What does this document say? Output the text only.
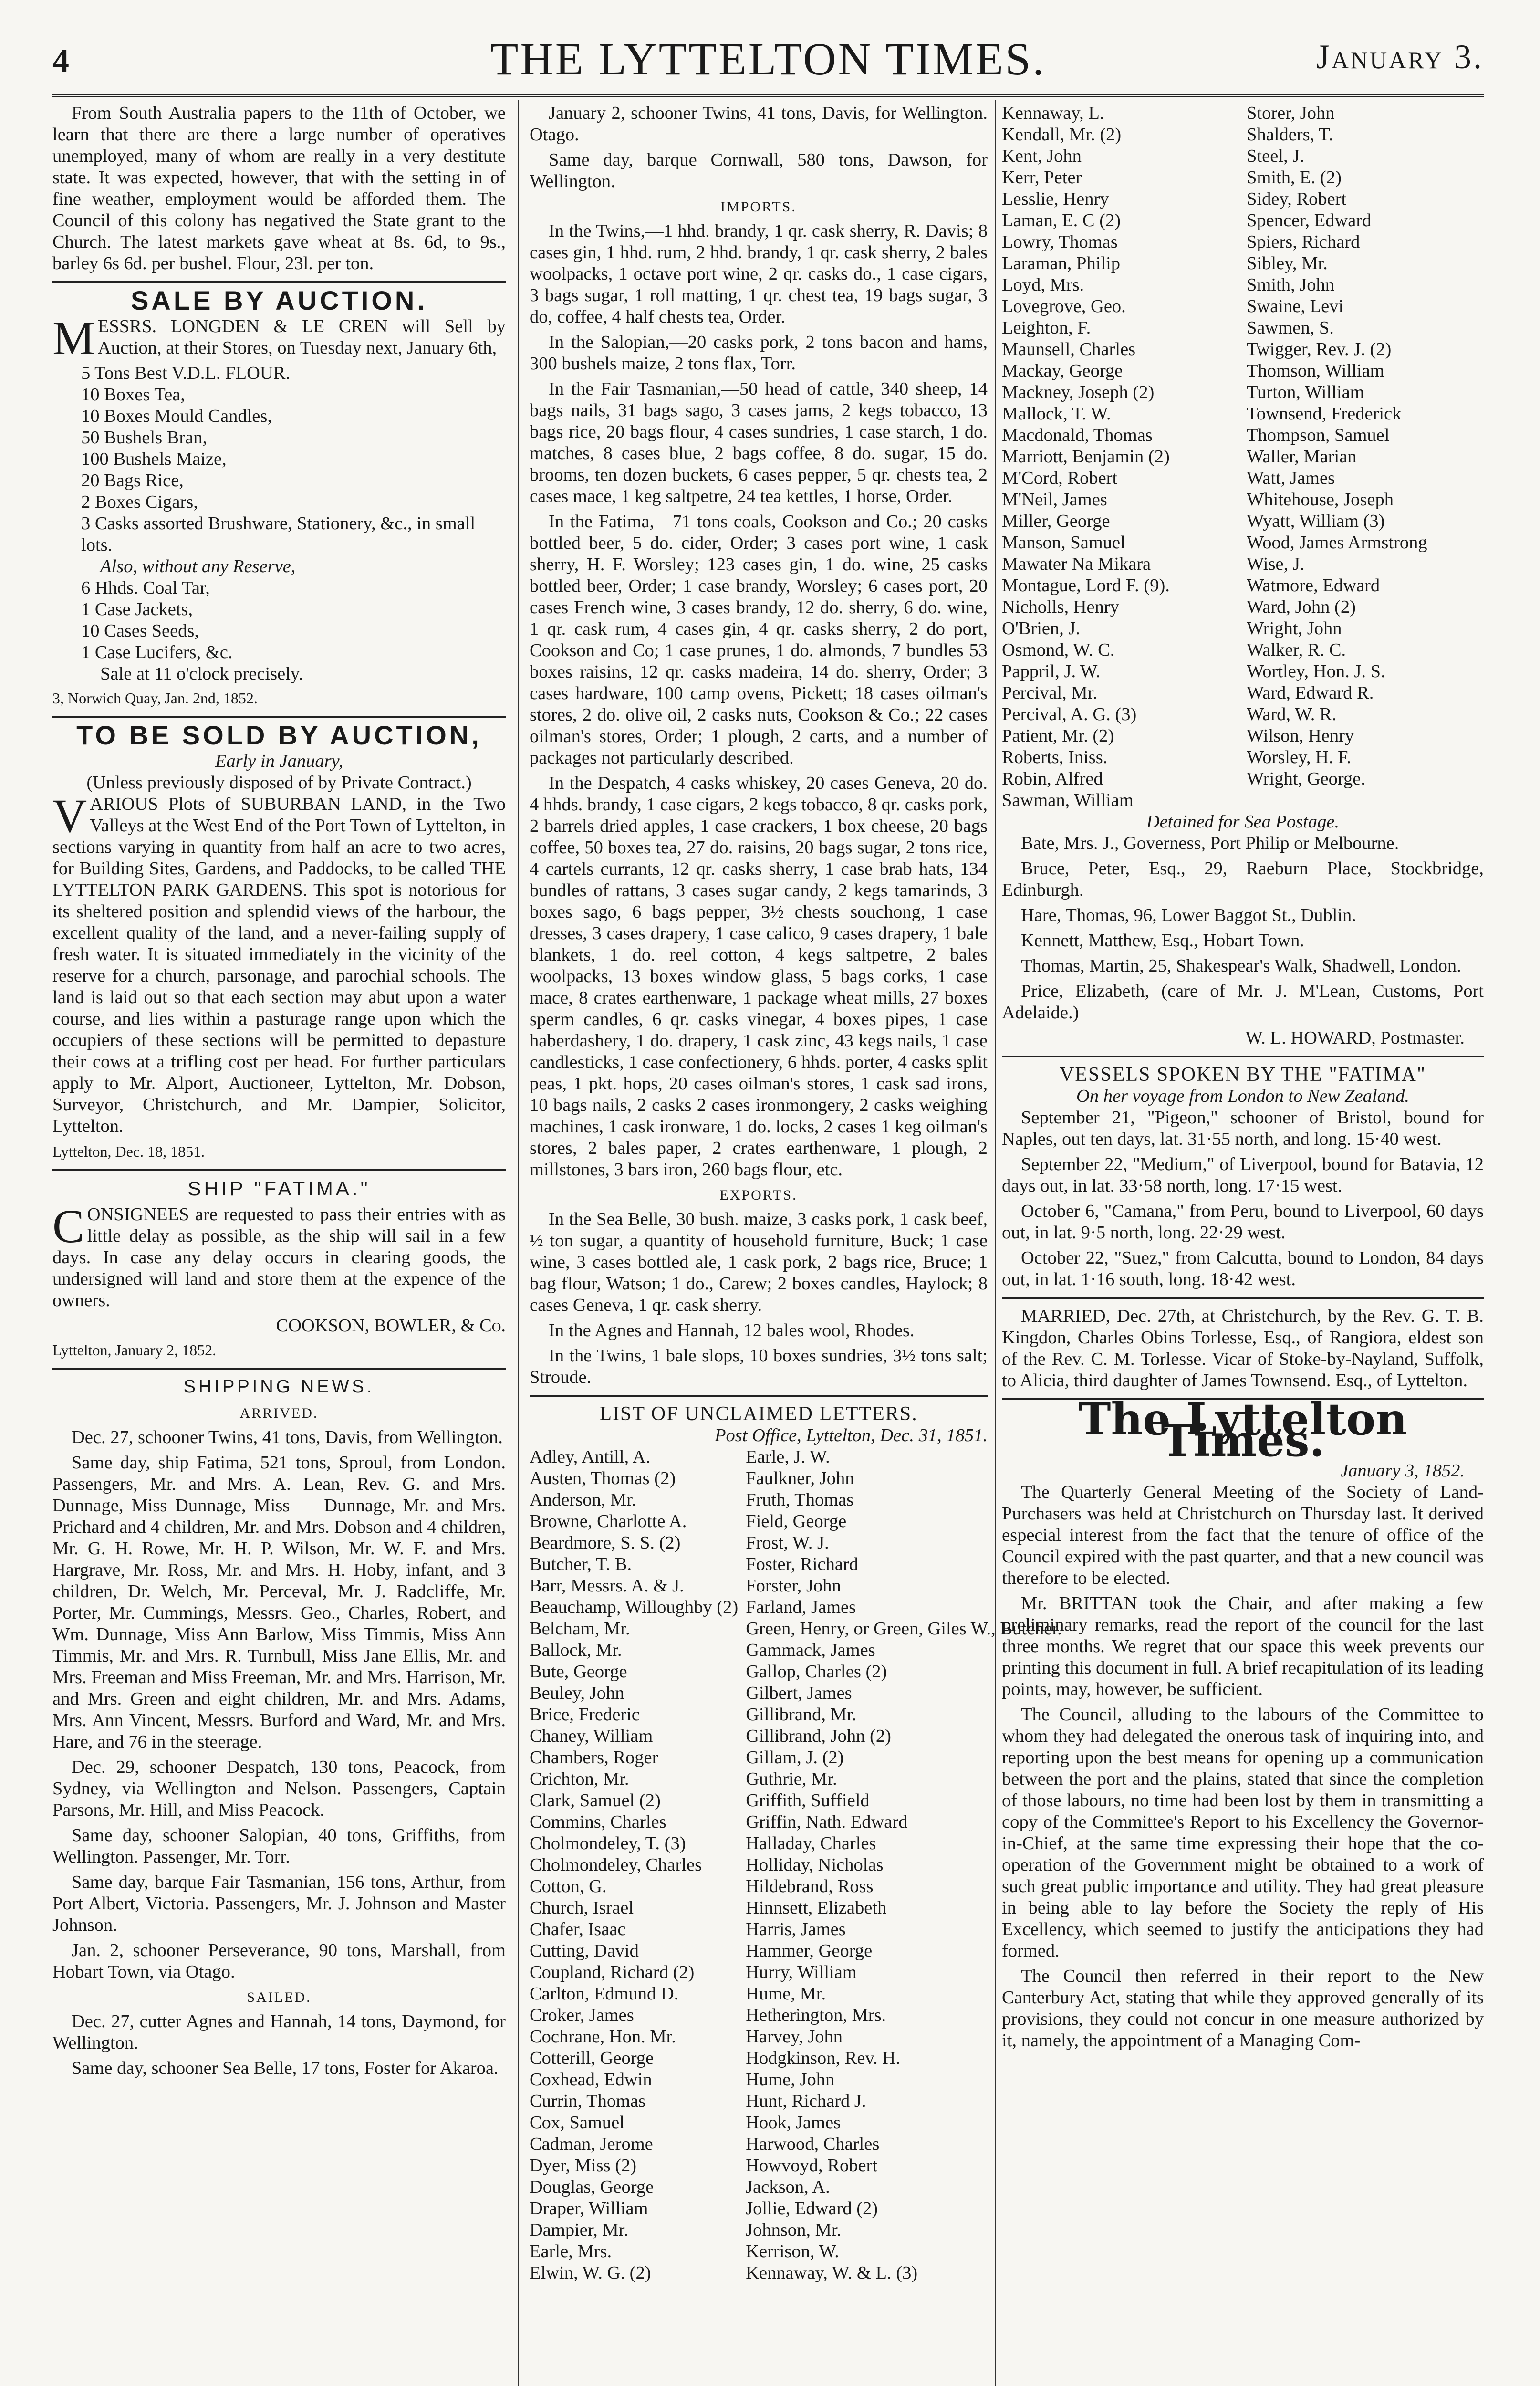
4	THE LYTTELTON TIMES.	January 3.

From South Australia papers to the 11th of October, we learn that there are there a large number of operatives unemployed, many of whom are really in a very destitute state. It was expected, however, that with the setting in of fine weather, employment would be afforded them. The Council of this colony has negatived the State grant to the Church. The latest markets gave wheat at 8s. 6d, to 9s., barley 6s 6d. per bushel. Flour, 23l. per ton.

SALE BY AUCTION.

MESSRS. LONGDEN & LE CREN will Sell by Auction, at their Stores, on Tuesday next, January 6th,

5 Tons Best V.D.L. FLOUR.
10 Boxes Tea,
10 Boxes Mould Candles,
50 Bushels Bran,
100 Bushels Maize,
20 Bags Rice,
2 Boxes Cigars,
3 Casks assorted Brushware, Stationery, &c., in small lots.
Also, without any Reserve,
6 Hhds. Coal Tar,
1 Case Jackets,
10 Cases Seeds,
1 Case Lucifers, &c.
Sale at 11 o'clock precisely.
3, Norwich Quay, Jan. 2nd, 1852.
TO BE SOLD BY AUCTION,
Early in January,
(Unless previously disposed of by Private Contract.)

VARIOUS Plots of SUBURBAN LAND, in the Two Valleys at the West End of the Port Town of Lyttelton, in sections varying in quantity from half an acre to two acres, for Building Sites, Gardens, and Paddocks, to be called THE LYTTELTON PARK GARDENS. This spot is notorious for its sheltered position and splendid views of the harbour, the excellent quality of the land, and a never-failing supply of fresh water. It is situated immediately in the vicinity of the reserve for a church, parsonage, and parochial schools. The land is laid out so that each section may abut upon a water course, and lies within a pasturage range upon which the occupiers of these sections will be permitted to depasture their cows at a trifling cost per head. For further particulars apply to Mr. Alport, Auctioneer, Lyttelton, Mr. Dobson, Surveyor, Christchurch, and Mr. Dampier, Solicitor, Lyttelton.

Lyttelton, Dec. 18, 1851.
SHIP "FATIMA."

CONSIGNEES are requested to pass their entries with as little delay as possible, as the ship will sail in a few days. In case any delay occurs in clearing goods, the undersigned will land and store them at the expence of the owners.

COOKSON, BOWLER, & Co.
Lyttelton, January 2, 1852.
SHIPPING NEWS.
ARRIVED.

Dec. 27, schooner Twins, 41 tons, Davis, from Wellington.

Same day, ship Fatima, 521 tons, Sproul, from London. Passengers, Mr. and Mrs. A. Lean, Rev. G. and Mrs. Dunnage, Miss Dunnage, Miss — Dunnage, Mr. and Mrs. Prichard and 4 children, Mr. and Mrs. Dobson and 4 children, Mr. G. H. Rowe, Mr. H. P. Wilson, Mr. W. F. and Mrs. Hargrave, Mr. Ross, Mr. and Mrs. H. Hoby, infant, and 3 children, Dr. Welch, Mr. Perceval, Mr. J. Radcliffe, Mr. Porter, Mr. Cummings, Messrs. Geo., Charles, Robert, and Wm. Dunnage, Miss Ann Barlow, Miss Timmis, Miss Ann Timmis, Mr. and Mrs. R. Turnbull, Miss Jane Ellis, Mr. and Mrs. Freeman and Miss Freeman, Mr. and Mrs. Harrison, Mr. and Mrs. Green and eight children, Mr. and Mrs. Adams, Mrs. Ann Vincent, Messrs. Burford and Ward, Mr. and Mrs. Hare, and 76 in the steerage.

Dec. 29, schooner Despatch, 130 tons, Peacock, from Sydney, via Wellington and Nelson. Passengers, Captain Parsons, Mr. Hill, and Miss Peacock.

Same day, schooner Salopian, 40 tons, Griffiths, from Wellington. Passenger, Mr. Torr.

Same day, barque Fair Tasmanian, 156 tons, Arthur, from Port Albert, Victoria. Passengers, Mr. J. Johnson and Master Johnson.

Jan. 2, schooner Perseverance, 90 tons, Marshall, from Hobart Town, via Otago.

SAILED.

Dec. 27, cutter Agnes and Hannah, 14 tons, Daymond, for Wellington.

Same day, schooner Sea Belle, 17 tons, Foster for Akaroa.

January 2, schooner Twins, 41 tons, Davis, for Wellington. Otago.

Same day, barque Cornwall, 580 tons, Dawson, for Wellington.

IMPORTS.

In the Twins,—1 hhd. brandy, 1 qr. cask sherry, R. Davis; 8 cases gin, 1 hhd. rum, 2 hhd. brandy, 1 qr. cask sherry, 2 bales woolpacks, 1 octave port wine, 2 qr. casks do., 1 case cigars, 3 bags sugar, 1 roll matting, 1 qr. chest tea, 19 bags sugar, 3 do, coffee, 4 half chests tea, Order.

In the Salopian,—20 casks pork, 2 tons bacon and hams, 300 bushels maize, 2 tons flax, Torr.

In the Fair Tasmanian,—50 head of cattle, 340 sheep, 14 bags nails, 31 bags sago, 3 cases jams, 2 kegs tobacco, 13 bags rice, 20 bags flour, 4 cases sundries, 1 case starch, 1 do. matches, 8 cases blue, 2 bags coffee, 8 do. sugar, 15 do. brooms, ten dozen buckets, 6 cases pepper, 5 qr. chests tea, 2 cases mace, 1 keg saltpetre, 24 tea kettles, 1 horse, Order.

In the Fatima,—71 tons coals, Cookson and Co.; 20 casks bottled beer, 5 do. cider, Order; 3 cases port wine, 1 cask sherry, H. F. Worsley; 123 cases gin, 1 do. wine, 25 casks bottled beer, Order; 1 case brandy, Worsley; 6 cases port, 20 cases French wine, 3 cases brandy, 12 do. sherry, 6 do. wine, 1 qr. cask rum, 4 cases gin, 4 qr. casks sherry, 2 do port, Cookson and Co; 1 case prunes, 1 do. almonds, 7 bundles 53 boxes raisins, 12 qr. casks madeira, 14 do. sherry, Order; 3 cases hardware, 100 camp ovens, Pickett; 18 cases oilman's stores, 2 do. olive oil, 2 casks nuts, Cookson & Co.; 22 cases oilman's stores, Order; 1 plough, 2 carts, and a number of packages not particularly described.

In the Despatch, 4 casks whiskey, 20 cases Geneva, 20 do. 4 hhds. brandy, 1 case cigars, 2 kegs tobacco, 8 qr. casks pork, 2 barrels dried apples, 1 case crackers, 1 box cheese, 20 bags coffee, 50 boxes tea, 27 do. raisins, 20 bags sugar, 2 tons rice, 4 cartels currants, 12 qr. casks sherry, 1 case brab hats, 134 bundles of rattans, 3 cases sugar candy, 2 kegs tamarinds, 3 boxes sago, 6 bags pepper, 3½ chests souchong, 1 case dresses, 3 cases drapery, 1 case calico, 9 cases drapery, 1 bale blankets, 1 do. reel cotton, 4 kegs saltpetre, 2 bales woolpacks, 13 boxes window glass, 5 bags corks, 1 case mace, 8 crates earthenware, 1 package wheat mills, 27 boxes sperm candles, 6 qr. casks vinegar, 4 boxes pipes, 1 case haberdashery, 1 do. drapery, 1 cask zinc, 43 kegs nails, 1 case candlesticks, 1 case confectionery, 6 hhds. porter, 4 casks split peas, 1 pkt. hops, 20 cases oilman's stores, 1 cask sad irons, 10 bags nails, 2 casks 2 cases ironmongery, 2 casks weighing machines, 1 cask ironware, 1 do. locks, 2 cases 1 keg oilman's stores, 2 bales paper, 2 crates earthenware, 1 plough, 2 millstones, 3 bars iron, 260 bags flour, etc.

EXPORTS.

In the Sea Belle, 30 bush. maize, 3 casks pork, 1 cask beef, ½ ton sugar, a quantity of household furniture, Buck; 1 case wine, 3 cases bottled ale, 1 cask pork, 2 bags rice, Bruce; 1 bag flour, Watson; 1 do., Carew; 2 boxes candles, Haylock; 8 cases Geneva, 1 qr. cask sherry.

In the Agnes and Hannah, 12 bales wool, Rhodes.

In the Twins, 1 bale slops, 10 boxes sundries, 3½ tons salt; Stroude.

LIST OF UNCLAIMED LETTERS.
Post Office, Lyttelton, Dec. 31, 1851.
Adley, Antill, A.
Austen, Thomas (2)
Anderson, Mr.
Browne, Charlotte A.
Beardmore, S. S. (2)
Butcher, T. B.
Barr, Messrs. A. & J.
Beauchamp, Willoughby (2)
Belcham, Mr.
Ballock, Mr.
Bute, George
Beuley, John
Brice, Frederic
Chaney, William
Chambers, Roger
Crichton, Mr.
Clark, Samuel (2)
Commins, Charles
Cholmondeley, T. (3)
Cholmondeley, Charles
Cotton, G.
Church, Israel
Chafer, Isaac
Cutting, David
Coupland, Richard (2)
Carlton, Edmund D.
Croker, James
Cochrane, Hon. Mr.
Cotterill, George
Coxhead, Edwin
Currin, Thomas
Cox, Samuel
Cadman, Jerome
Dyer, Miss (2)
Douglas, George
Draper, William
Dampier, Mr.
Earle, Mrs.
Elwin, W. G. (2)
Earle, J. W.
Faulkner, John
Fruth, Thomas
Field, George
Frost, W. J.
Foster, Richard
Forster, John
Farland, James
Green, Henry, or Green, Giles W., Butcher.
Gammack, James
Gallop, Charles (2)
Gilbert, James
Gillibrand, Mr.
Gillibrand, John (2)
Gillam, J. (2)
Guthrie, Mr.
Griffith, Suffield
Griffin, Nath. Edward
Halladay, Charles
Holliday, Nicholas
Hildebrand, Ross
Hinnsett, Elizabeth
Harris, James
Hammer, George
Hurry, William
Hume, Mr.
Hetherington, Mrs.
Harvey, John
Hodgkinson, Rev. H.
Hume, John
Hunt, Richard J.
Hook, James
Harwood, Charles
Howvoyd, Robert
Jackson, A.
Jollie, Edward (2)
Johnson, Mr.
Kerrison, W.
Kennaway, W. & L. (3)
Kennaway, L.
Kendall, Mr. (2)
Kent, John
Kerr, Peter
Lesslie, Henry
Laman, E. C (2)
Lowry, Thomas
Laraman, Philip
Loyd, Mrs.
Lovegrove, Geo.
Leighton, F.
Maunsell, Charles
Mackay, George
Mackney, Joseph (2)
Mallock, T. W.
Macdonald, Thomas
Marriott, Benjamin (2)
M'Cord, Robert
M'Neil, James
Miller, George
Manson, Samuel
Mawater Na Mikara
Montague, Lord F. (9).
Nicholls, Henry
O'Brien, J.
Osmond, W. C.
Pappril, J. W.
Percival, Mr.
Percival, A. G. (3)
Patient, Mr. (2)
Roberts, Iniss.
Robin, Alfred
Sawman, William
Storer, John
Shalders, T.
Steel, J.
Smith, E. (2)
Sidey, Robert
Spencer, Edward
Spiers, Richard
Sibley, Mr.
Smith, John
Swaine, Levi
Sawmen, S.
Twigger, Rev. J. (2)
Thomson, William
Turton, William
Townsend, Frederick
Thompson, Samuel
Waller, Marian
Watt, James
Whitehouse, Joseph
Wyatt, William (3)
Wood, James Armstrong
Wise, J.
Watmore, Edward
Ward, John (2)
Wright, John
Walker, R. C.
Wortley, Hon. J. S.
Ward, Edward R.
Ward, W. R.
Wilson, Henry
Worsley, H. F.
Wright, George.
Detained for Sea Postage.

Bate, Mrs. J., Governess, Port Philip or Melbourne.

Bruce, Peter, Esq., 29, Raeburn Place, Stockbridge, Edinburgh.

Hare, Thomas, 96, Lower Baggot St., Dublin.

Kennett, Matthew, Esq., Hobart Town.

Thomas, Martin, 25, Shakespear's Walk, Shadwell, London.

Price, Elizabeth, (care of Mr. J. M'Lean, Customs, Port Adelaide.)

W. L. HOWARD, Postmaster.
VESSELS SPOKEN BY THE "FATIMA"
On her voyage from London to New Zealand.

September 21, "Pigeon," schooner of Bristol, bound for Naples, out ten days, lat. 31·55 north, and long. 15·40 west.

September 22, "Medium," of Liverpool, bound for Batavia, 12 days out, in lat. 33·58 north, long. 17·15 west.

October 6, "Camana," from Peru, bound to Liverpool, 60 days out, in lat. 9·5 north, long. 22·29 west.

October 22, "Suez," from Calcutta, bound to London, 84 days out, in lat. 1·16 south, long. 18·42 west.

MARRIED, Dec. 27th, at Christchurch, by the Rev. G. T. B. Kingdon, Charles Obins Torlesse, Esq., of Rangiora, eldest son of the Rev. C. M. Torlesse. Vicar of Stoke-by-Nayland, Suffolk, to Alicia, third daughter of James Townsend. Esq., of Lyttelton.

The Lyttelton Times.
January 3, 1852.

The Quarterly General Meeting of the Society of Land-Purchasers was held at Christchurch on Thursday last. It derived especial interest from the fact that the tenure of office of the Council expired with the past quarter, and that a new council was therefore to be elected.

Mr. BRITTAN took the Chair, and after making a few preliminary remarks, read the report of the council for the last three months. We regret that our space this week prevents our printing this document in full. A brief recapitulation of its leading points, may, however, be sufficient.

The Council, alluding to the labours of the Committee to whom they had delegated the onerous task of inquiring into, and reporting upon the best means for opening up a communication between the port and the plains, stated that since the completion of those labours, no time had been lost by them in transmitting a copy of the Committee's Report to his Excellency the Governor-in-Chief, at the same time expressing their hope that the co-operation of the Government might be obtained to a work of such great public importance and utility. They had great pleasure in being able to lay before the Society the reply of His Excellency, which seemed to justify the anticipations they had formed.

The Council then referred in their report to the New Canterbury Act, stating that while they approved generally of its provisions, they could not concur in one measure authorized by it, namely, the appointment of a Managing Com-
